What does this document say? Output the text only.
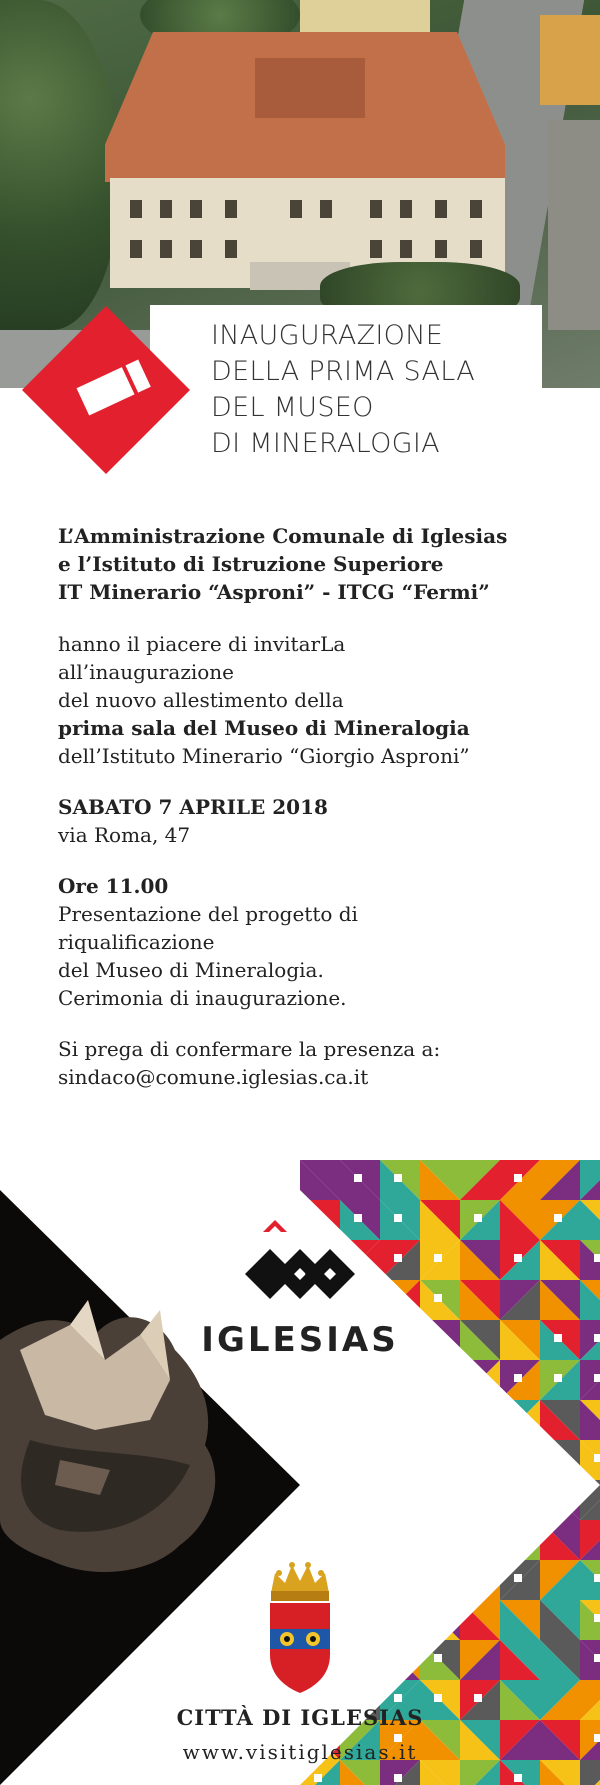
INAUGURAZIONE
DELLA PRIMA SALA
DEL MUSEO
DI MINERALOGIA
L’Amministrazione Comunale di Iglesias
e l’Istituto di Istruzione Superiore
IT Minerario “Asproni” - ITCG “Fermi”
hanno il piacere di invitarLa
all’inaugurazione
del nuovo allestimento della
prima sala del Museo di Mineralogia
dell’Istituto Minerario “Giorgio Asproni”
SABATO 7 APRILE 2018
via Roma, 47
Ore 11.00
Presentazione del progetto di
riqualificazione
del Museo di Mineralogia.
Cerimonia di inaugurazione.
Si prega di confermare la presenza a:
sindaco@comune.iglesias.ca.it
IGLESIAS
CITTÀ DI IGLESIAS
www.visitiglesias.it
